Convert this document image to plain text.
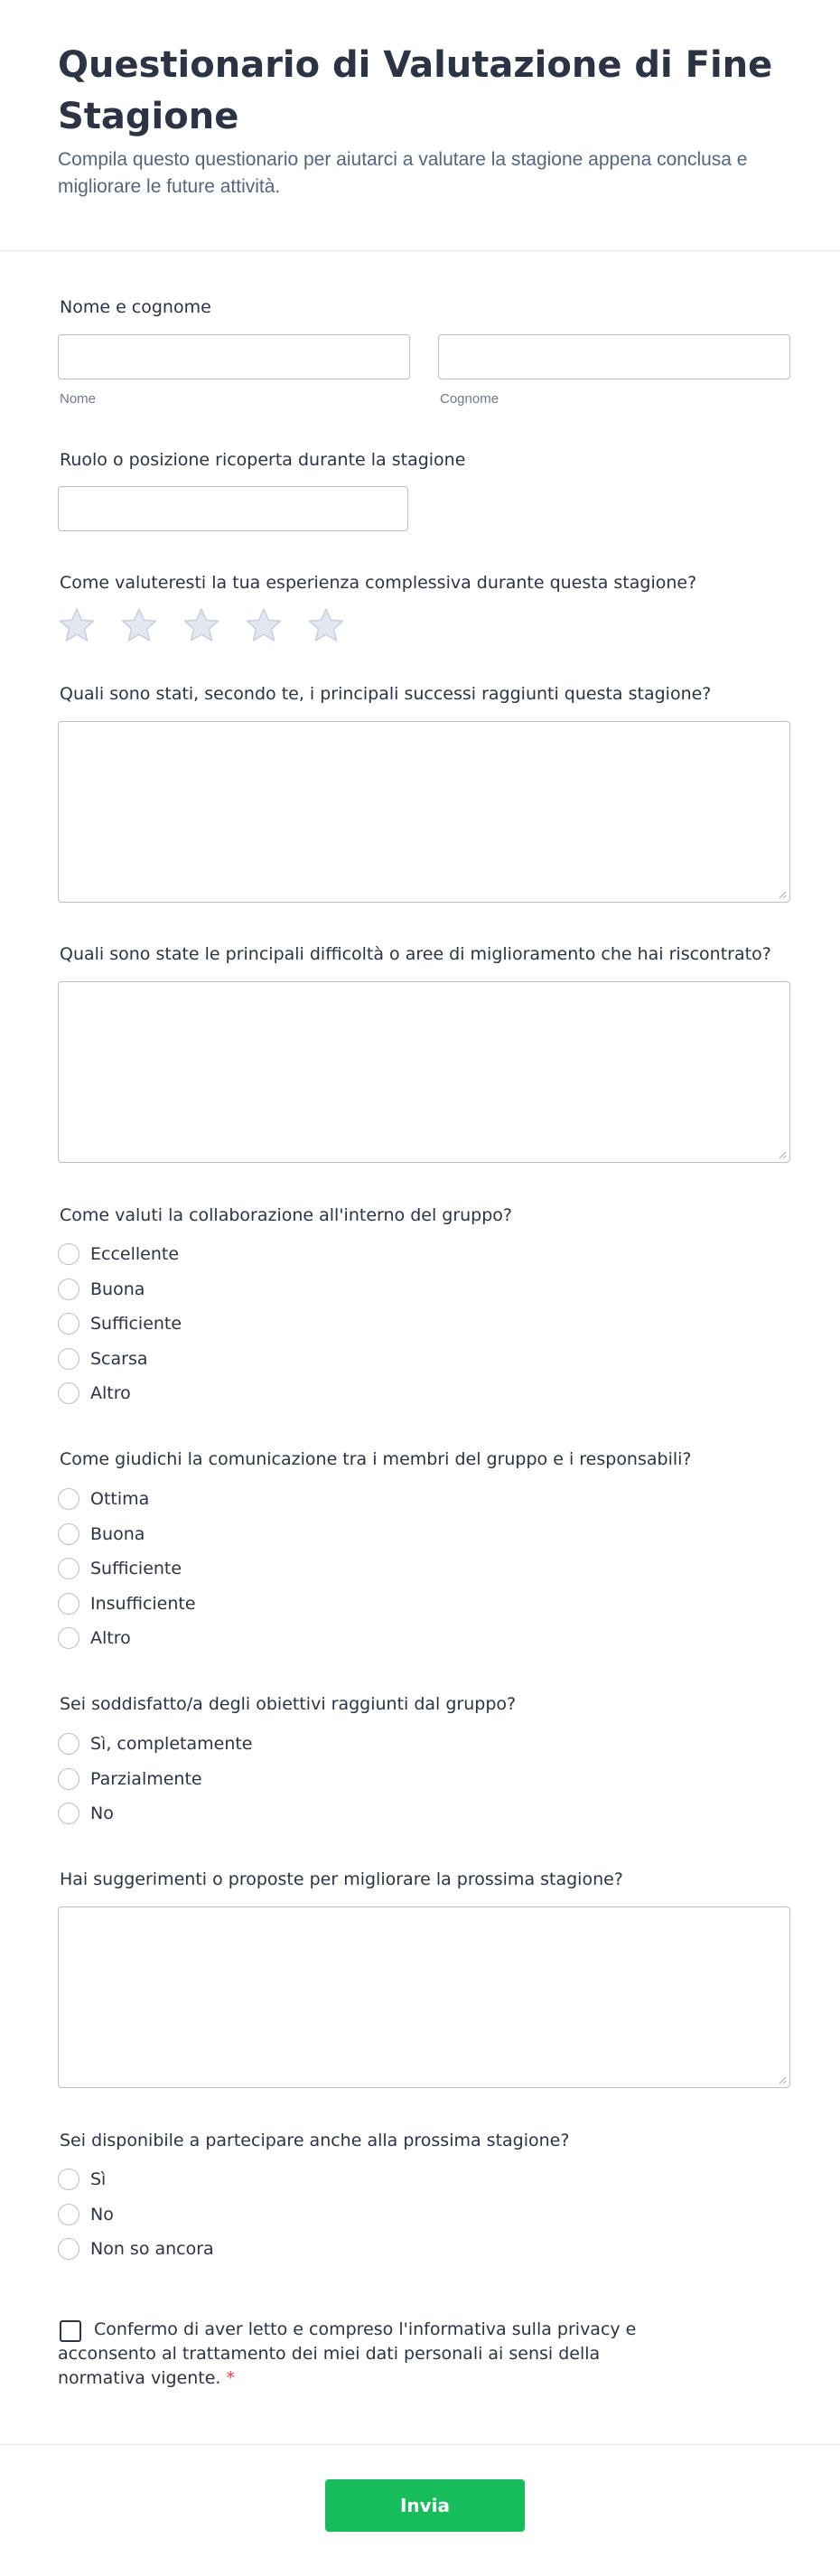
Questionario di Valutazione di Fine Stagione

Compila questo questionario per aiutarci a valutare la stagione appena conclusa e migliorare le future attività.

Nome e cognome
Nome	Cognome
Ruolo o posizione ricoperta durante la stagione
Come valuteresti la tua esperienza complessiva durante questa stagione?
Quali sono stati, secondo te, i principali successi raggiunti questa stagione?
Quali sono state le principali difficoltà o aree di miglioramento che hai riscontrato?
Come valuti la collaborazione all'interno del gruppo?
Eccellente
Buona
Sufficiente
Scarsa
Altro
Come giudichi la comunicazione tra i membri del gruppo e i responsabili?
Ottima
Buona
Sufficiente
Insufficiente
Altro
Sei soddisfatto/a degli obiettivi raggiunti dal gruppo?
Sì, completamente
Parzialmente
No
Hai suggerimenti o proposte per migliorare la prossima stagione?
Sei disponibile a partecipare anche alla prossima stagione?
Sì
No
Non so ancora

Confermo di aver letto e compreso l'informativa sulla privacy e acconsento al trattamento dei miei dati personali ai sensi della normativa vigente. *

Invia
